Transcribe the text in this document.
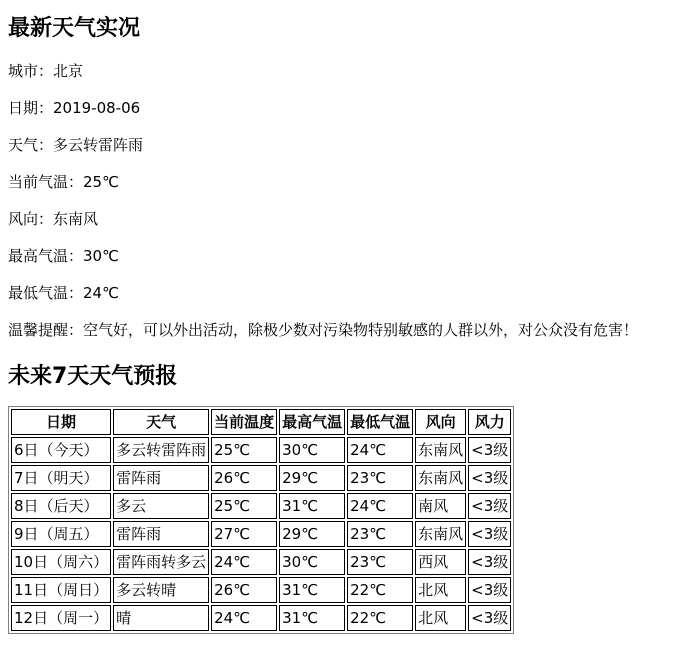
最新天气实况
城市：北京
日期：2019-08-06
天气：多云转雷阵雨
当前气温：25℃
风向：东南风
最高气温：30℃
最低气温：24℃
温馨提醒：空气好，可以外出活动，除极少数对污染物特别敏感的人群以外，对公众没有危害！
未来7天天气预报
日期	天气	当前温度	最高气温	最低气温	风向	风力
6日（今天）	多云转雷阵雨	25℃	30℃	24℃	东南风	<3级
7日（明天）	雷阵雨	26℃	29℃	23℃	东南风	<3级
8日（后天）	多云	25℃	31℃	24℃	南风	<3级
9日（周五）	雷阵雨	27℃	29℃	23℃	东南风	<3级
10日（周六）	雷阵雨转多云	24℃	30℃	23℃	西风	<3级
11日（周日）	多云转晴	26℃	31℃	22℃	北风	<3级
12日（周一）	晴	24℃	31℃	22℃	北风	<3级
